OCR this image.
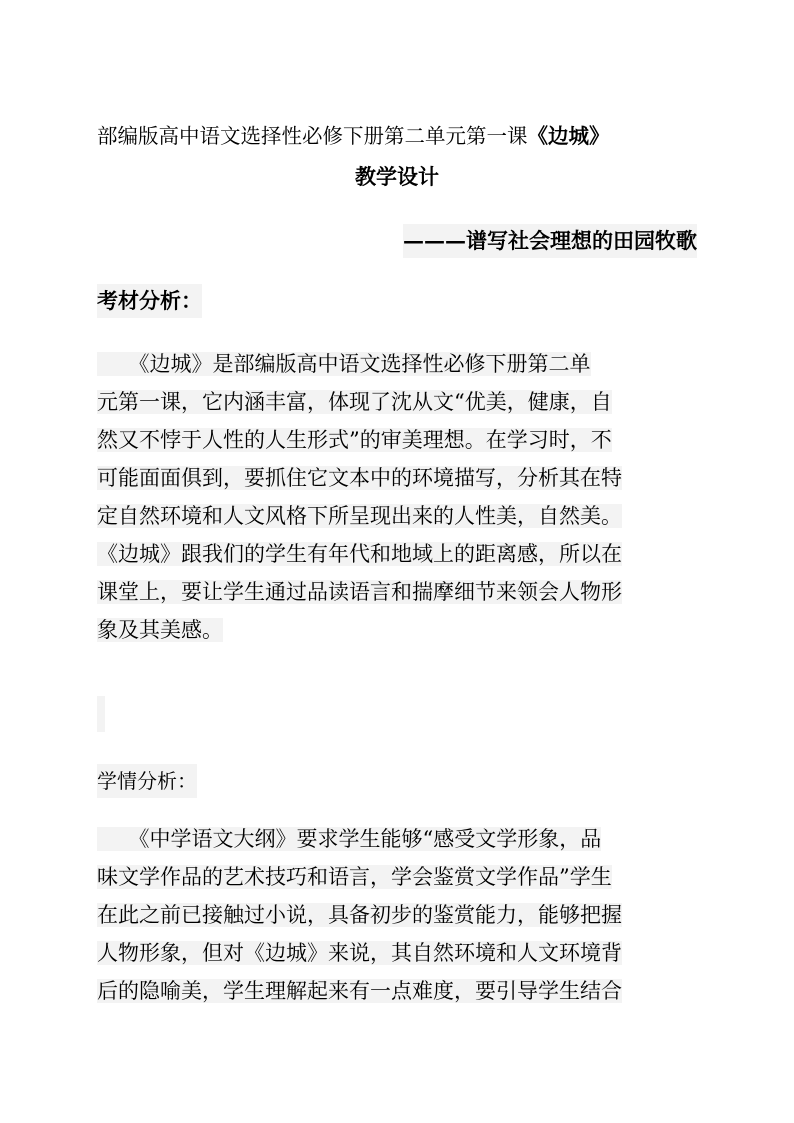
部编版高中语文选择性必修下册第二单元第一课《边城》
教学设计
———谱写社会理想的田园牧歌
考材分析：
　　《边城》是部编版高中语文选择性必修下册第二单
元第一课，它内涵丰富，体现了沈从文“优美，健康，自
然又不悖于人性的人生形式”的审美理想。在学习时，不
可能面面俱到，要抓住它文本中的环境描写，分析其在特
定自然环境和人文风格下所呈现出来的人性美，自然美。
《边城》跟我们的学生有年代和地域上的距离感，所以在
课堂上，要让学生通过品读语言和揣摩细节来领会人物形
象及其美感。
学情分析：
　　《中学语文大纲》要求学生能够“感受文学形象，品
味文学作品的艺术技巧和语言，学会鉴赏文学作品”学生
在此之前已接触过小说，具备初步的鉴赏能力，能够把握
人物形象，但对《边城》来说，其自然环境和人文环境背
后的隐喻美，学生理解起来有一点难度，要引导学生结合
